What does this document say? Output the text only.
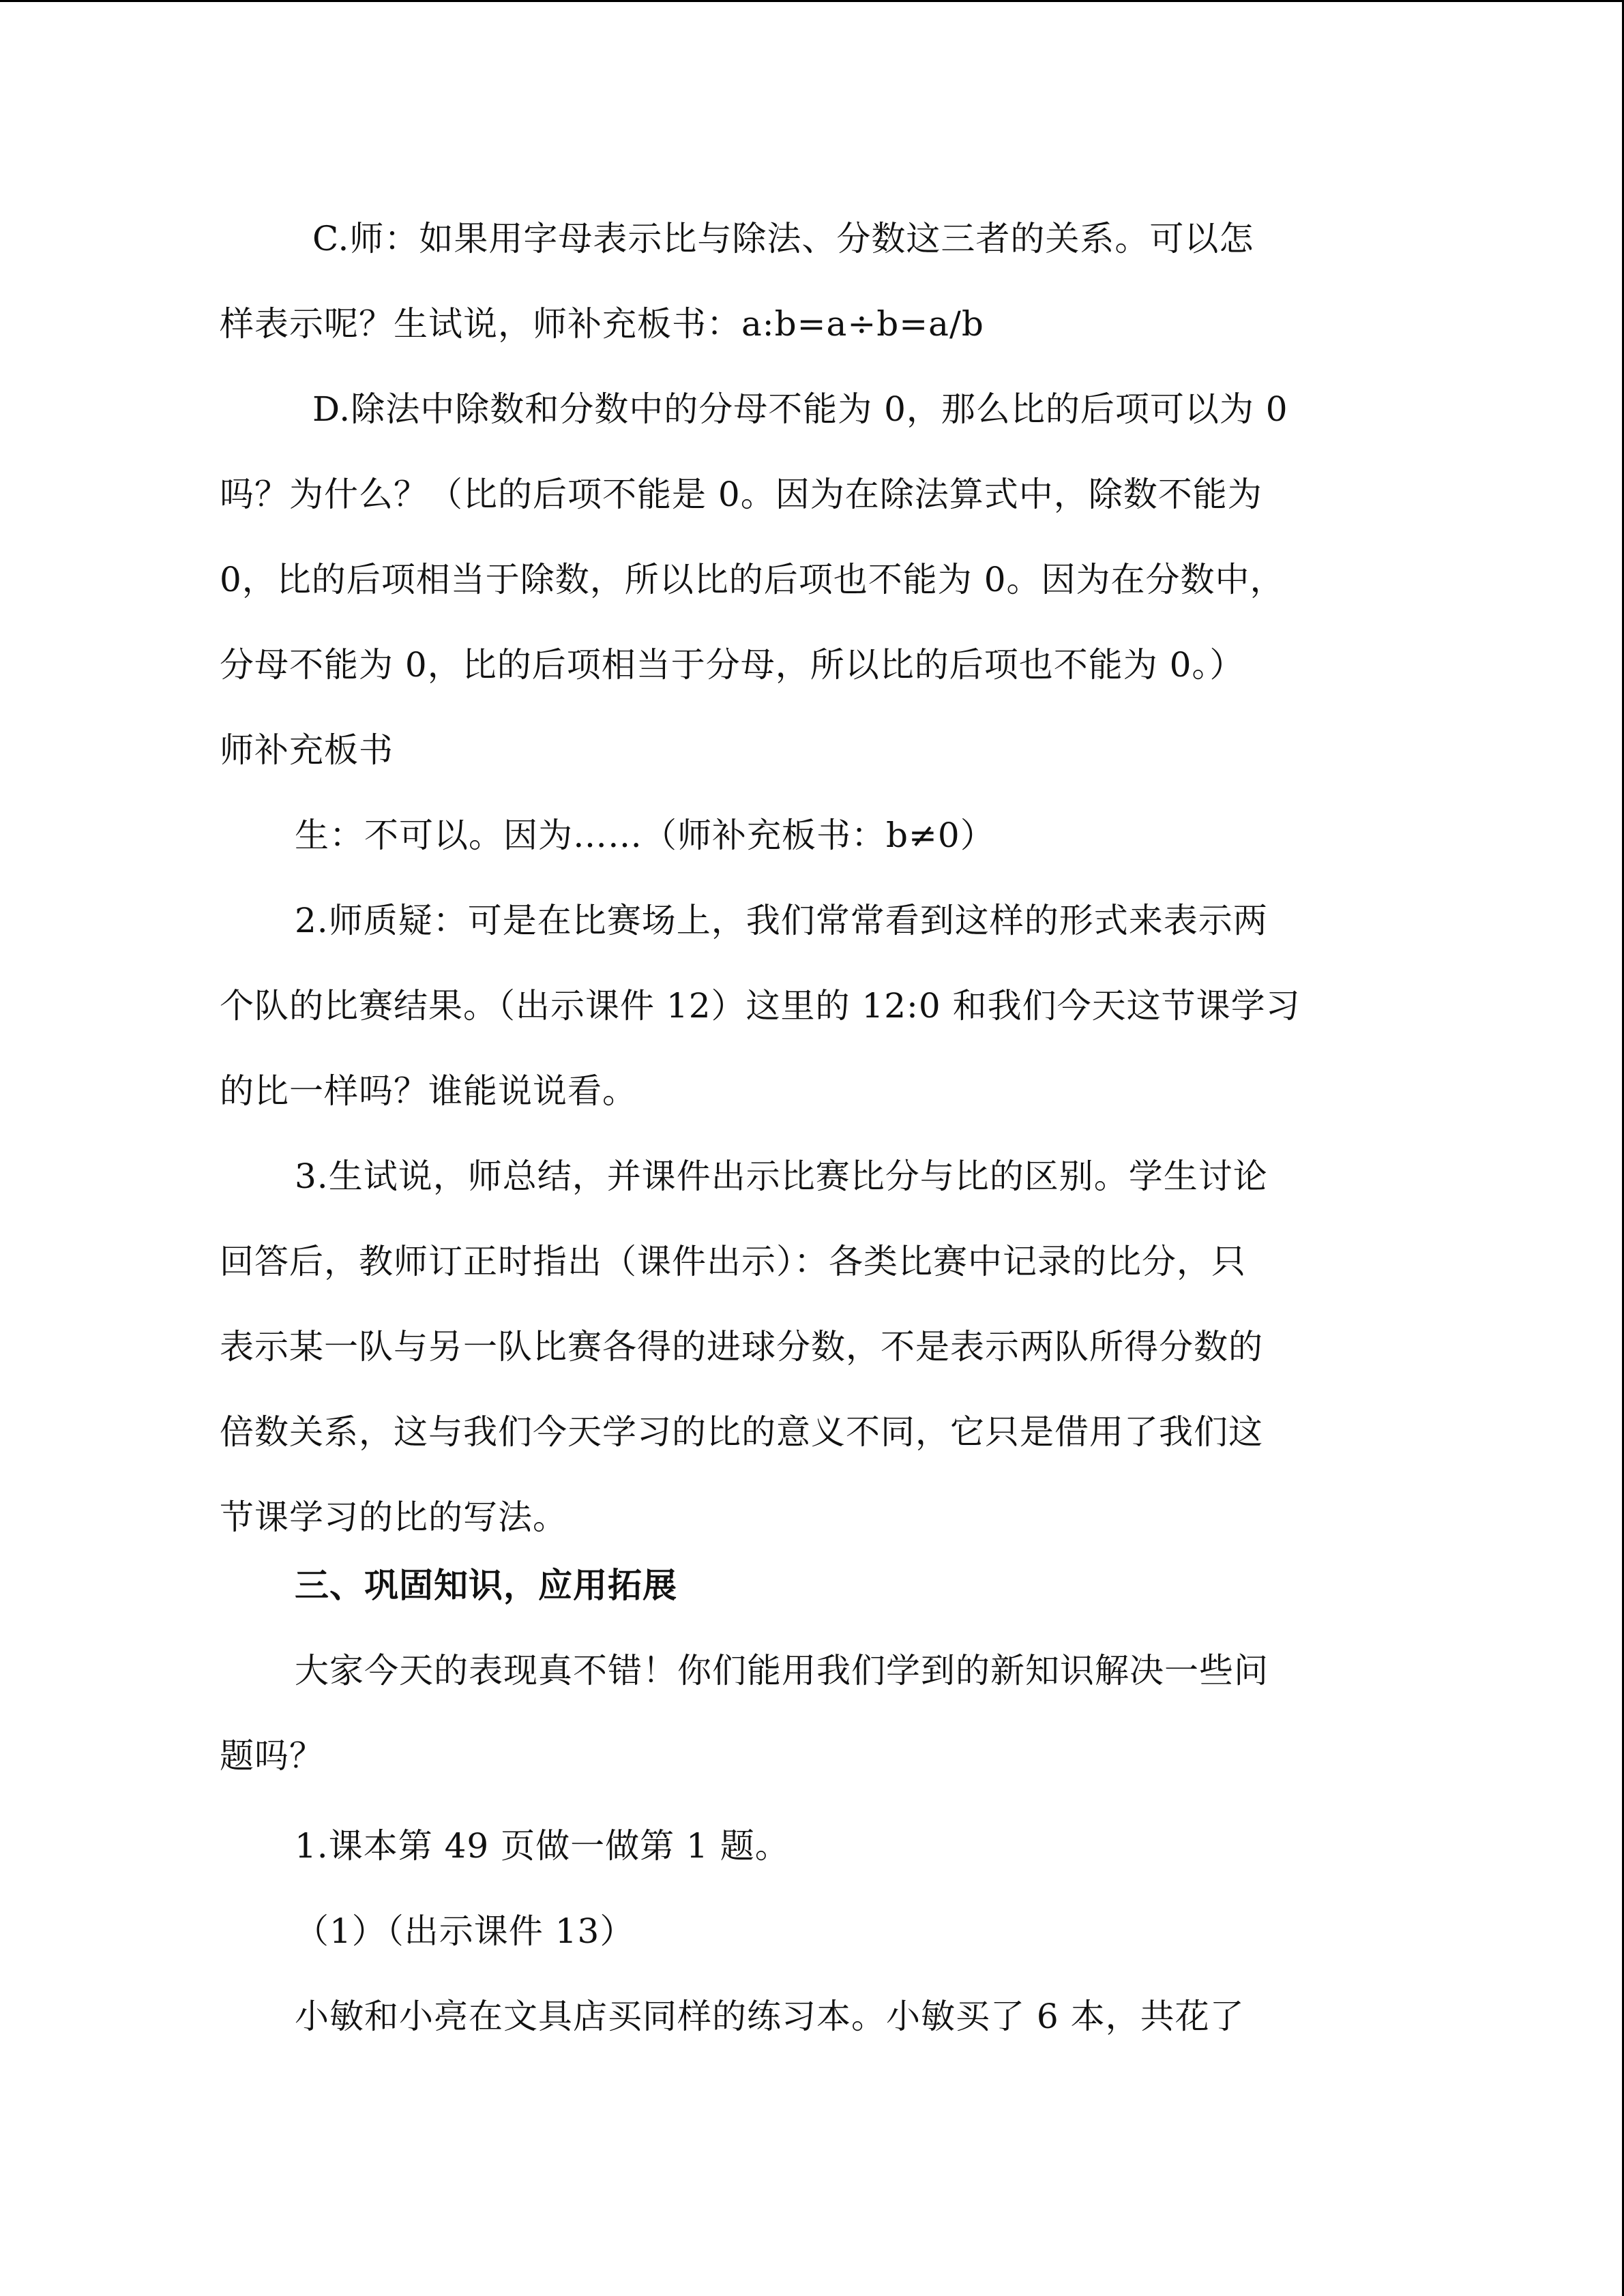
C.师：如果用字母表示比与除法、分数这三者的关系。可以怎
样表示呢？生试说，师补充板书：a:b=a÷b=a/b
D.除法中除数和分数中的分母不能为 0，那么比的后项可以为 0
吗？为什么？（比的后项不能是 0。因为在除法算式中，除数不能为
0，比的后项相当于除数，所以比的后项也不能为 0。因为在分数中，
分母不能为 0，比的后项相当于分母，所以比的后项也不能为 0。）
师补充板书
生：不可以。因为……（师补充板书：b≠0）
2.师质疑：可是在比赛场上，我们常常看到这样的形式来表示两
个队的比赛结果。（出示课件 12）这里的 12:0 和我们今天这节课学习
的比一样吗？谁能说说看。
3.生试说，师总结，并课件出示比赛比分与比的区别。学生讨论
回答后，教师订正时指出（课件出示）：各类比赛中记录的比分，只
表示某一队与另一队比赛各得的进球分数，不是表示两队所得分数的
倍数关系，这与我们今天学习的比的意义不同，它只是借用了我们这
节课学习的比的写法。
三、巩固知识，应用拓展
大家今天的表现真不错！你们能用我们学到的新知识解决一些问
题吗？
1.课本第 49 页做一做第 1 题。
（1）（出示课件 13）
小敏和小亮在文具店买同样的练习本。小敏买了 6 本，共花了
